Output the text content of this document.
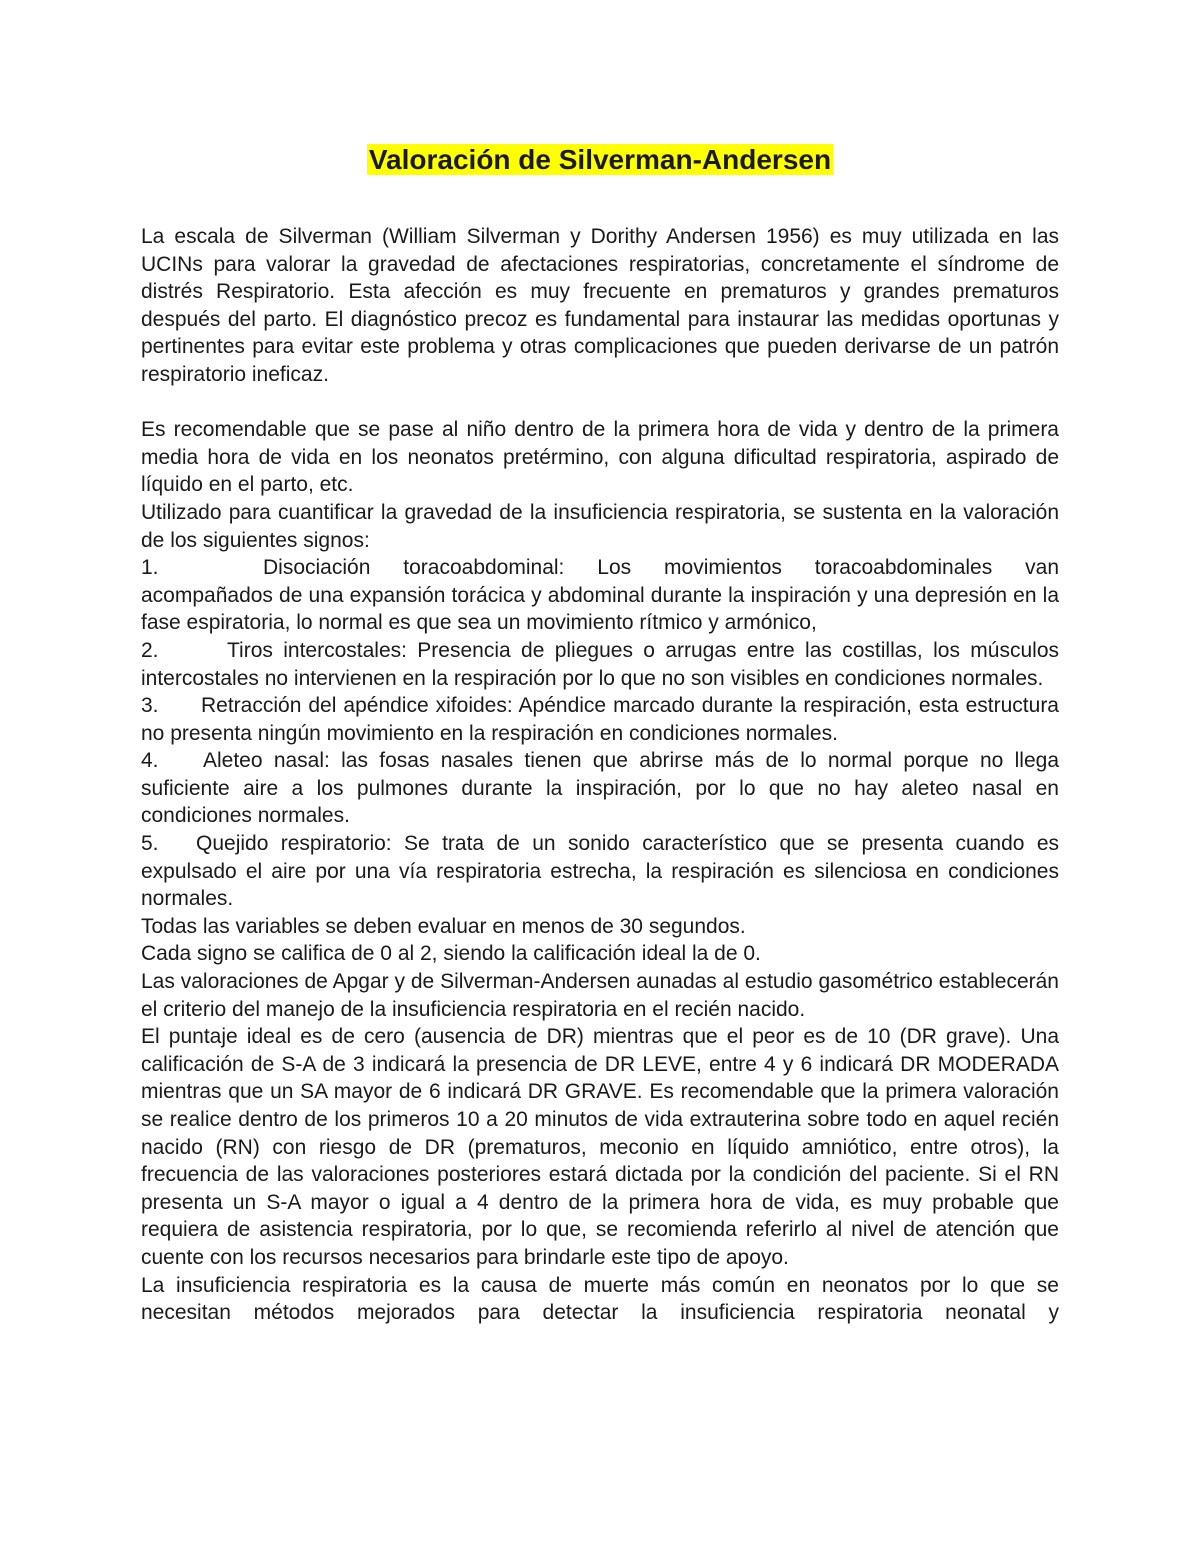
Valoración de Silverman-Andersen

La escala de Silverman (William Silverman y Dorithy Andersen 1956) es muy utilizada en las UCINs para valorar la gravedad de afectaciones respiratorias, concretamente el síndrome de distrés Respiratorio. Esta afección es muy frecuente en prematuros y grandes prematuros después del parto. El diagnóstico precoz es fundamental para instaurar las medidas oportunas y pertinentes para evitar este problema y otras complicaciones que pueden derivarse de un patrón respiratorio ineficaz.

Es recomendable que se pase al niño dentro de la primera hora de vida y dentro de la primera media hora de vida en los neonatos pretérmino, con alguna dificultad respiratoria, aspirado de líquido en el parto, etc.

Utilizado para cuantificar la gravedad de la insuficiencia respiratoria, se sustenta en la valoración de los siguientes signos:

1.	Disociación toracoabdominal: Los movimientos toracoabdominales van acompañados de una expansión torácica y abdominal durante la inspiración y una depresión en la fase espiratoria, lo normal es que sea un movimiento rítmico y armónico,

2.	Tiros intercostales: Presencia de pliegues o arrugas entre las costillas, los músculos intercostales no intervienen en la respiración por lo que no son visibles en condiciones normales.

3. Retracción del apéndice xifoides: Apéndice marcado durante la respiración, esta estructura no presenta ningún movimiento en la respiración en condiciones normales.

4. Aleteo nasal: las fosas nasales tienen que abrirse más de lo normal porque no llega suficiente aire a los pulmones durante la inspiración, por lo que no hay aleteo nasal en condiciones normales.

5. Quejido respiratorio: Se trata de un sonido característico que se presenta cuando es expulsado el aire por una vía respiratoria estrecha, la respiración es silenciosa en condiciones normales.

Todas las variables se deben evaluar en menos de 30 segundos.

Cada signo se califica de 0 al 2, siendo la calificación ideal la de 0.

Las valoraciones de Apgar y de Silverman-Andersen aunadas al estudio gasométrico establecerán el criterio del manejo de la insuficiencia respiratoria en el recién nacido.

El puntaje ideal es de cero (ausencia de DR) mientras que el peor es de 10 (DR grave). Una calificación de S-A de 3 indicará la presencia de DR LEVE, entre 4 y 6 indicará DR MODERADA mientras que un SA mayor de 6 indicará DR GRAVE. Es recomendable que la primera valoración se realice dentro de los primeros 10 a 20 minutos de vida extrauterina sobre todo en aquel recién nacido (RN) con riesgo de DR (prematuros, meconio en líquido amniótico, entre otros), la frecuencia de las valoraciones posteriores estará dictada por la condición del paciente. Si el RN presenta un S-A mayor o igual a 4 dentro de la primera hora de vida, es muy probable que requiera de asistencia respiratoria, por lo que, se recomienda referirlo al nivel de atención que cuente con los recursos necesarios para brindarle este tipo de apoyo.

La insuficiencia respiratoria es la causa de muerte más común en neonatos por lo que se necesitan métodos mejorados para detectar la insuficiencia respiratoria neonatal y
